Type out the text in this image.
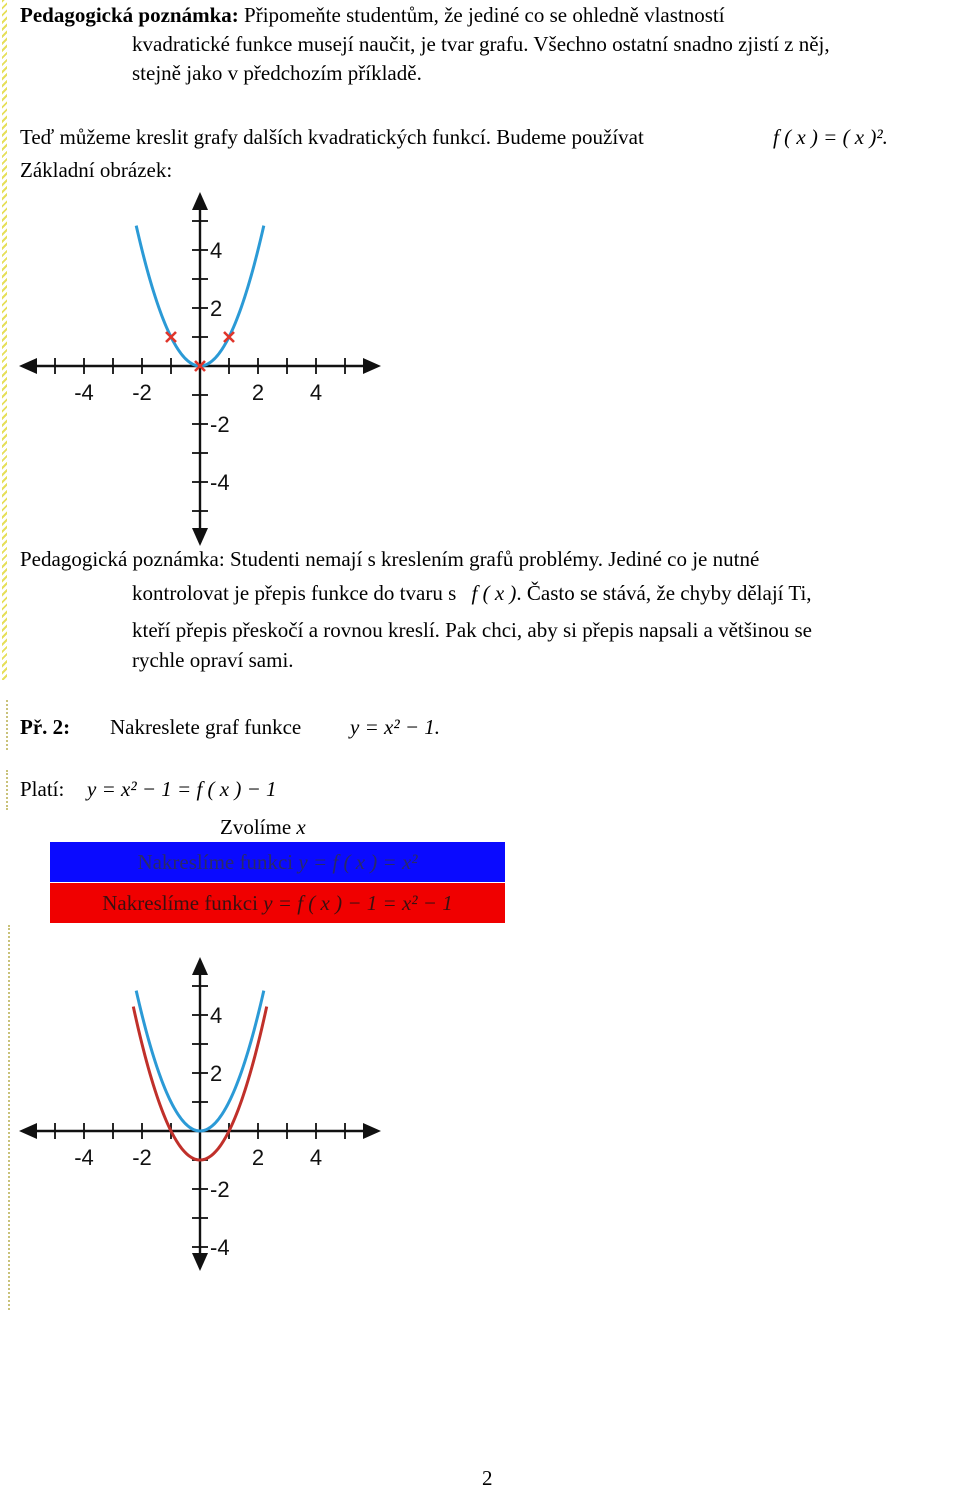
Pedagogická poznámka: Připomeňte studentům, že jediné co se ohledně vlastností
kvadratické funkce musejí naučit, je tvar grafu. Všechno ostatní snadno zjistí z něj,
stejně jako v předchozím příkladě.
Teď můžeme kreslit grafy dalších kvadratických funkcí. Budeme používat	f ( x ) = ( x )².
Základní obrázek:
-4 -2	2 4
4
2
-2
-4
Pedagogická poznámka: Studenti nemají s kreslením grafů problémy. Jediné co je nutné
kontrolovat je přepis funkce do tvaru s f ( x ). Často se stává, že chyby dělají Ti,
kteří přepis přeskočí a rovnou kreslí. Pak chci, aby si přepis napsali a většinou se
rychle opraví sami.
Př. 2: Nakreslete graf funkce y = x² − 1.
Platí: y = x² − 1 = f ( x ) − 1
Zvolíme x
Nakreslíme funkci y = f ( x ) = x²
Nakreslíme funkci y = f ( x ) − 1 = x² − 1
-4 -2	2 4
4
2
-2
-4
2
